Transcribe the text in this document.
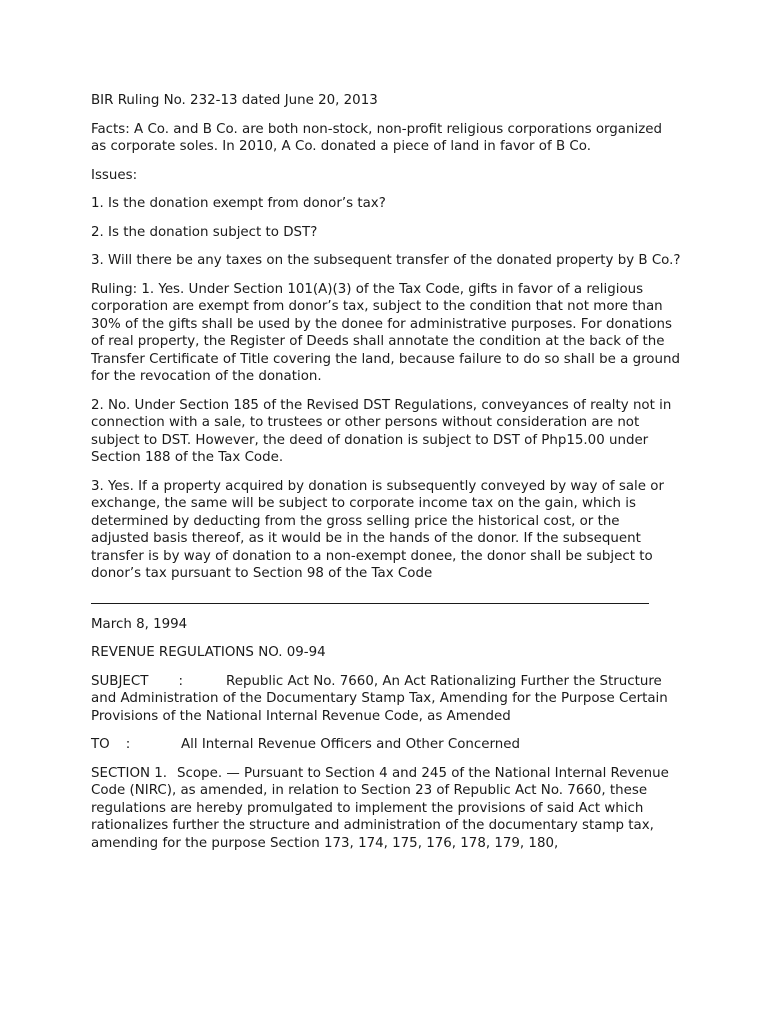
BIR Ruling No. 232-13 dated June 20, 2013

Facts: A Co. and B Co. are both non-stock, non-profit religious corporations organized as corporate soles. In 2010, A Co. donated a piece of land in favor of B Co.

Issues:

1. Is the donation exempt from donor’s tax?

2. Is the donation subject to DST?

3. Will there be any taxes on the subsequent transfer of the donated property by B Co.?

Ruling: 1. Yes. Under Section 101(A)(3) of the Tax Code, gifts in favor of a religious corporation are exempt from donor’s tax, subject to the condition that not more than 30% of the gifts shall be used by the donee for administrative purposes. For donations of real property, the Register of Deeds shall annotate the condition at the back of the Transfer Certificate of Title covering the land, because failure to do so shall be a ground for the revocation of the donation.

2. No. Under Section 185 of the Revised DST Regulations, conveyances of realty not in connection with a sale, to trustees or other persons without consideration are not subject to DST. However, the deed of donation is subject to DST of Php15.00 under Section 188 of the Tax Code.

3. Yes. If a property acquired by donation is subsequently conveyed by way of sale or exchange, the same will be subject to corporate income tax on the gain, which is determined by deducting from the gross selling price the historical cost, or the adjusted basis thereof, as it would be in the hands of the donor. If the subsequent transfer is by way of donation to a non-exempt donee, the donor shall be subject to donor’s tax pursuant to Section 98 of the Tax Code

March 8, 1994

REVENUE REGULATIONS NO. 09-94

SUBJECT :	Republic Act No. 7660, An Act Rationalizing Further the Structure and Administration of the Documentary Stamp Tax, Amending for the Purpose Certain Provisions of the National Internal Revenue Code, as Amended

TO :	All Internal Revenue Officers and Other Concerned

SECTION 1. Scope. — Pursuant to Section 4 and 245 of the National Internal Revenue Code (NIRC), as amended, in relation to Section 23 of Republic Act No. 7660, these regulations are hereby promulgated to implement the provisions of said Act which rationalizes further the structure and administration of the documentary stamp tax, amending for the purpose Section 173, 174, 175, 176, 178, 179, 180,
